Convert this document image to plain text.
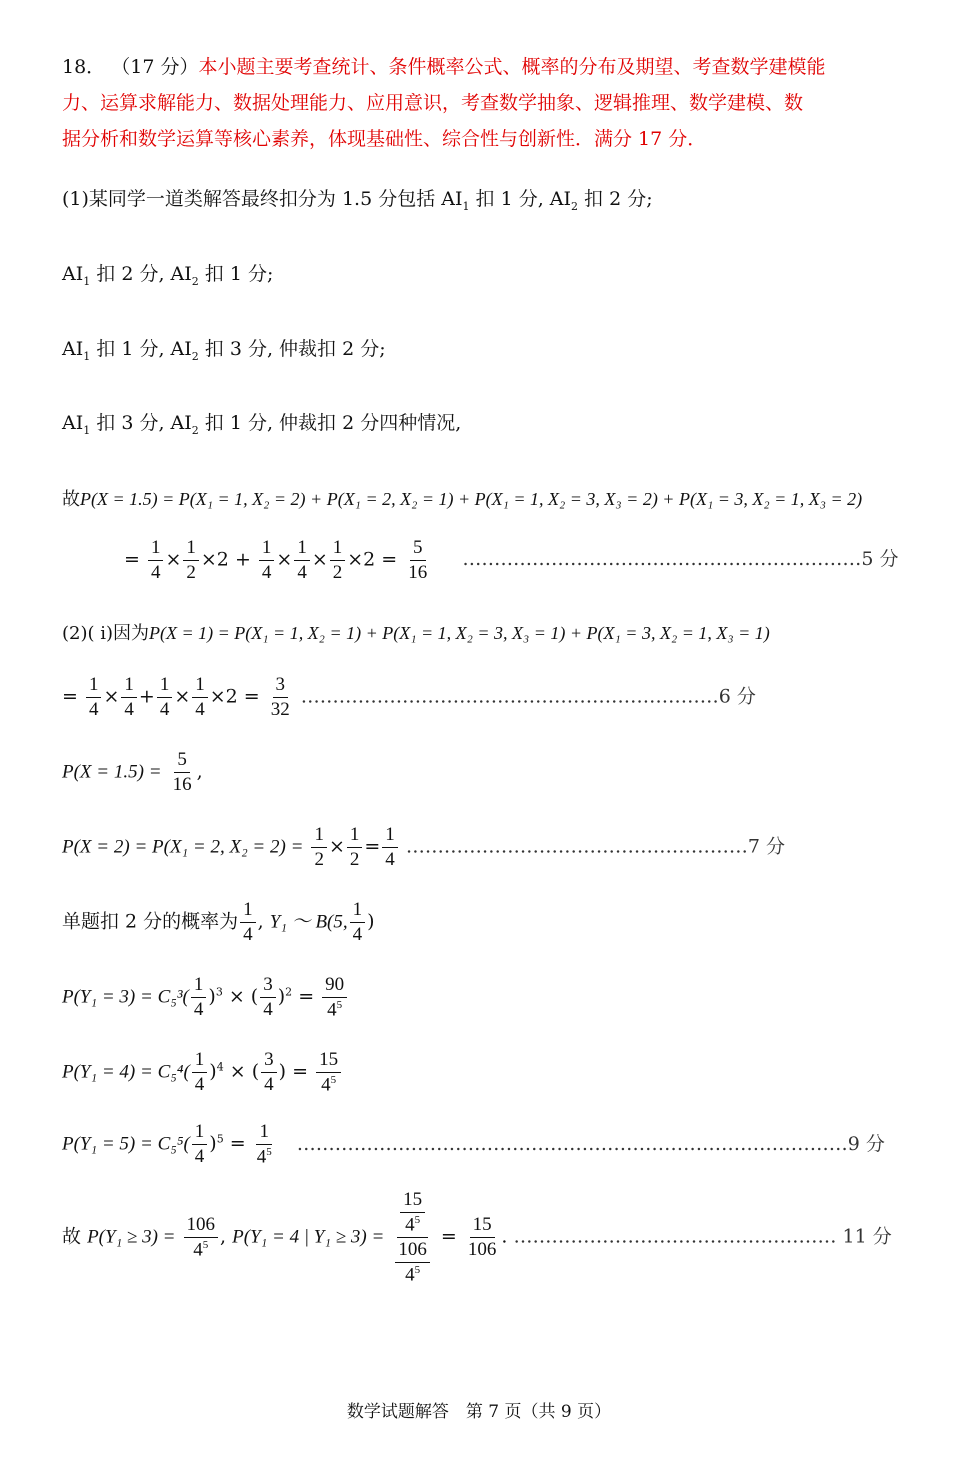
18． （17 分）本小题主要考查统计、条件概率公式、概率的分布及期望、考查数学建模能
力、运算求解能力、数据处理能力、应用意识，考查数学抽象、逻辑推理、数学建模、数
据分析和数学运算等核心素养，体现基础性、综合性与创新性．满分 17 分．
(1)某同学一道类解答最终扣分为 1.5 分包括 $AI_1$ 扣 1 分, $AI_2$ 扣 2 分;
$AI_1$ 扣 2 分, $AI_2$ 扣 1 分;
$AI_1$ 扣 1 分, $AI_2$ 扣 3 分, 仲裁扣 2 分;
$AI_1$ 扣 3 分, $AI_2$ 扣 1 分, 仲裁扣 2 分四种情况,
故P(X = 1.5) = P(X₁ = 1, X₂ = 2) + P(X₁ = 2, X₂ = 1) + P(X₁ = 1, X₂ = 3, X₃ = 2) + P(X₁ = 3, X₂ = 1, X₃ = 2)
= $\frac{1}{4} \times \frac{1}{2} \times 2 + \frac{1}{4} \times \frac{1}{4} \times \frac{1}{2} \times 2 = \frac{5}{16}$ ………………………………………………………5 分
(2)( ⅰ)因为P(X = 1) = P(X₁ = 1, X₂ = 1) + P(X₁ = 1, X₂ = 3, X₃ = 1) + P(X₁ = 3, X₂ = 1, X₃ = 1)
= $\frac{1}{4} \times \frac{1}{4} + \frac{1}{4} \times \frac{1}{4} \times 2 = \frac{3}{32}$ …………………………………………………………6 分
$P(X = 1.5) = \frac{5}{16}$ ,
P(X = 2) = P(X₁ = 2, $X_2 = 2) = \frac{1}{2} \times \frac{1}{2} = \frac{1}{4}$ ………………………………………………7 分
单题扣 2 分的概率为 $\frac{1}{4}$ , Y₁ ～ B(5, $\frac{1}{4}$ )
$P(Y_1 = 3) = C_5^3( \frac{1}{4} )^3$ × ( $\frac{3}{4} )^2 = \frac{90}{4^5}$
$P(Y_1 = 4) = C_5^4( \frac{1}{4} )^4$ × ( $\frac{3}{4}$ ) = $\frac{15}{4^5}$
$P(Y_1 = 5) = C_5^5( \frac{1}{4} )^5 = \frac{1}{4^5}$ ……………………………………………………………………………9 分
故 $P(Y_1 \ge 3) = \frac{106}{4^5}$ , P(Y₁ = 4 | $Y_1 \ge 3) = \frac{\frac{15}{4^5}}{\frac{106}{4^5}} = \frac{15}{106}$ . …………………………………………… 11 分
数学试题解答　第 7 页（共 9 页）
